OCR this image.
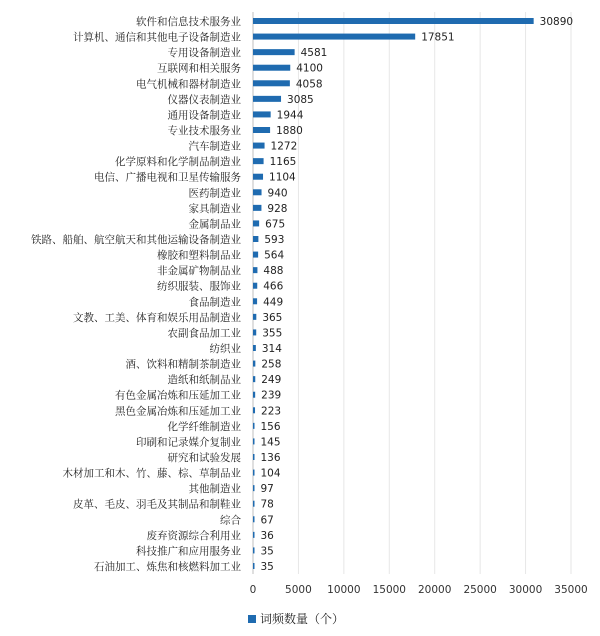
0	5000 10000 15000 20000 25000 30000 35000
软件和信息技术服务业	30890
计算机、通信和其他电子设备制造业	17851
专用设备制造业	4581
互联网和相关服务	4100
电气机械和器材制造业	4058
仪器仪表制造业	3085
通用设备制造业	1944
专业技术服务业	1880
汽车制造业	1272
化学原料和化学制品制造业	1165
电信、广播电视和卫星传输服务	1104
医药制造业	940
家具制造业	928
金属制品业 675
铁路、船舶、航空航天和其他运输设备制造业 593
橡胶和塑料制品业 564
非金属矿物制品业 488
纺织服装、服饰业 466
食品制造业 449
文教、工美、体育和娱乐用品制造业 365
农副食品加工业 355
纺织业 314
酒、饮料和精制茶制造业 258
造纸和纸制品业 249
有色金属冶炼和压延加工业 239
黑色金属冶炼和压延加工业 223
化学纤维制造业 156
印刷和记录媒介复制业 145
研究和试验发展 136
木材加工和木、竹、藤、棕、草制品业 104
其他制造业 97
皮革、毛皮、羽毛及其制品和制鞋业 78
综合 67
废弃资源综合利用业 36
科技推广和应用服务业 35
石油加工、炼焦和核燃料加工业 35
词频数量（个）
